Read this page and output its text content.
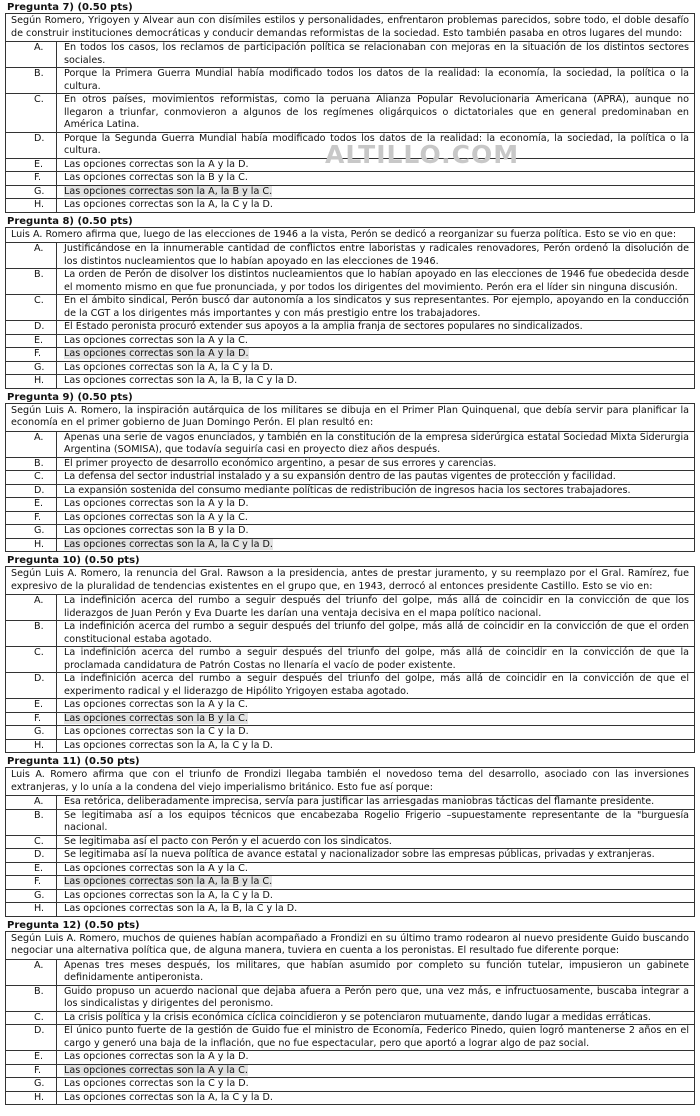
Pregunta 7) (0.50 pts)
Según Romero, Yrigoyen y Alvear aun con disímiles estilos y personalidades, enfrentaron problemas parecidos, sobre todo, el doble desafío de construir instituciones democráticas y conducir demandas reformistas de la sociedad. Esto también pasaba en otros lugares del mundo:
A.	En todos los casos, los reclamos de participación política se relacionaban con mejoras en la situación de los distintos sectores sociales.
B.	Porque la Primera Guerra Mundial había modificado todos los datos de la realidad: la economía, la sociedad, la política o la cultura.
C.	En otros países, movimientos reformistas, como la peruana Alianza Popular Revolucionaria Americana (APRA), aunque no llegaron a triunfar, conmovieron a algunos de los regímenes oligárquicos o dictatoriales que en general predominaban en América Latina.
D.	Porque la Segunda Guerra Mundial había modificado todos los datos de la realidad: la economía, la sociedad, la política o la cultura.
E.	Las opciones correctas son la A y la D.
F.	Las opciones correctas son la B y la C.
G.	Las opciones correctas son la A, la B y la C.
H.	Las opciones correctas son la A, la C y la D.
Pregunta 8) (0.50 pts)
Luis A. Romero afirma que, luego de las elecciones de 1946 a la vista, Perón se dedicó a reorganizar su fuerza política. Esto se vio en que:
A.	Justificándose en la innumerable cantidad de conflictos entre laboristas y radicales renovadores, Perón ordenó la disolución de los distintos nucleamientos que lo habían apoyado en las elecciones de 1946.
B.	La orden de Perón de disolver los distintos nucleamientos que lo habían apoyado en las elecciones de 1946 fue obedecida desde el momento mismo en que fue pronunciada, y por todos los dirigentes del movimiento. Perón era el líder sin ninguna discusión.
C.	En el ámbito sindical, Perón buscó dar autonomía a los sindicatos y sus representantes. Por ejemplo, apoyando en la conducción de la CGT a los dirigentes más importantes y con más prestigio entre los trabajadores.
D.	El Estado peronista procuró extender sus apoyos a la amplia franja de sectores populares no sindicalizados.
E.	Las opciones correctas son la A y la C.
F.	Las opciones correctas son la A y la D.
G.	Las opciones correctas son la A, la C y la D.
H.	Las opciones correctas son la A, la B, la C y la D.
Pregunta 9) (0.50 pts)
Según Luis A. Romero, la inspiración autárquica de los militares se dibuja en el Primer Plan Quinquenal, que debía servir para planificar la economía en el primer gobierno de Juan Domingo Perón. El plan resultó en:
A.	Apenas una serie de vagos enunciados, y también en la constitución de la empresa siderúrgica estatal Sociedad Mixta Siderurgia Argentina (SOMISA), que todavía seguiría casi en proyecto diez años después.
B.	El primer proyecto de desarrollo económico argentino, a pesar de sus errores y carencias.
C.	La defensa del sector industrial instalado y a su expansión dentro de las pautas vigentes de protección y facilidad.
D.	La expansión sostenida del consumo mediante políticas de redistribución de ingresos hacia los sectores trabajadores.
E.	Las opciones correctas son la A y la D.
F.	Las opciones correctas son la A y la C.
G.	Las opciones correctas son la B y la D.
H.	Las opciones correctas son la A, la C y la D.
Pregunta 10) (0.50 pts)
Según Luis A. Romero, la renuncia del Gral. Rawson a la presidencia, antes de prestar juramento, y su reemplazo por el Gral. Ramírez, fue expresivo de la pluralidad de tendencias existentes en el grupo que, en 1943, derrocó al entonces presidente Castillo. Esto se vio en:
A.	La indefinición acerca del rumbo a seguir después del triunfo del golpe, más allá de coincidir en la convicción de que los liderazgos de Juan Perón y Eva Duarte les darían una ventaja decisiva en el mapa político nacional.
B.	La indefinición acerca del rumbo a seguir después del triunfo del golpe, más allá de coincidir en la convicción de que el orden constitucional estaba agotado.
C.	La indefinición acerca del rumbo a seguir después del triunfo del golpe, más allá de coincidir en la convicción de que la proclamada candidatura de Patrón Costas no llenaría el vacío de poder existente.
D.	La indefinición acerca del rumbo a seguir después del triunfo del golpe, más allá de coincidir en la convicción de que el experimento radical y el liderazgo de Hipólito Yrigoyen estaba agotado.
E.	Las opciones correctas son la A y la C.
F.	Las opciones correctas son la B y la C.
G.	Las opciones correctas son la C y la D.
H.	Las opciones correctas son la A, la C y la D.
Pregunta 11) (0.50 pts)
Luis A. Romero afirma que con el triunfo de Frondizi llegaba también el novedoso tema del desarrollo, asociado con las inversiones extranjeras, y lo unía a la condena del viejo imperialismo británico. Esto fue así porque:
A.	Esa retórica, deliberadamente imprecisa, servía para justificar las arriesgadas maniobras tácticas del flamante presidente.
B.	Se legitimaba así a los equipos técnicos que encabezaba Rogelio Frigerio –supuestamente representante de la "burguesía nacional.
C.	Se legitimaba así el pacto con Perón y el acuerdo con los sindicatos.
D.	Se legitimaba así la nueva política de avance estatal y nacionalizador sobre las empresas públicas, privadas y extranjeras.
E.	Las opciones correctas son la A y la C.
F.	Las opciones correctas son la A, la B y la C.
G.	Las opciones correctas son la A, la C y la D.
H.	Las opciones correctas son la A, la B, la C y la D.
Pregunta 12) (0.50 pts)
Según Luis A. Romero, muchos de quienes habían acompañado a Frondizi en su último tramo rodearon al nuevo presidente Guido buscando negociar una alternativa política que, de alguna manera, tuviera en cuenta a los peronistas. El resultado fue diferente porque:
A.	Apenas tres meses después, los militares, que habían asumido por completo su función tutelar, impusieron un gabinete definidamente antiperonista.
B.	Guido propuso un acuerdo nacional que dejaba afuera a Perón pero que, una vez más, e infructuosamente, buscaba integrar a los sindicalistas y dirigentes del peronismo.
C.	La crisis política y la crisis económica cíclica coincidieron y se potenciaron mutuamente, dando lugar a medidas erráticas.
D.	El único punto fuerte de la gestión de Guido fue el ministro de Economía, Federico Pinedo, quien logró mantenerse 2 años en el cargo y generó una baja de la inflación, que no fue espectacular, pero que aportó a lograr algo de paz social.
E.	Las opciones correctas son la A y la D.
F.	Las opciones correctas son la A y la C.
G.	Las opciones correctas son la C y la D.
H.	Las opciones correctas son la A, la C y la D.
ALTILLO.COM
